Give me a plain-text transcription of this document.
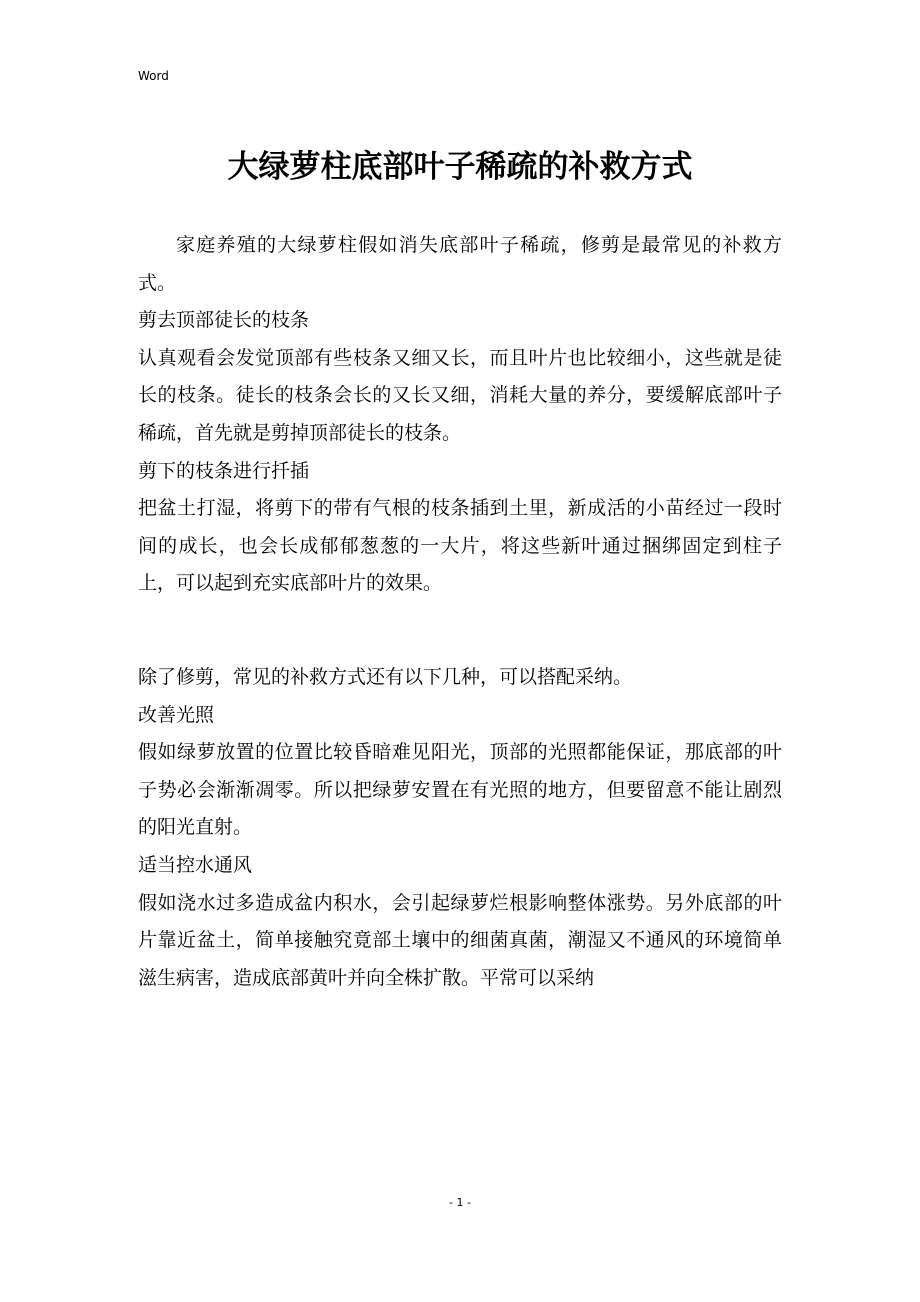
Word
大绿萝柱底部叶子稀疏的补救方式

家庭养殖的大绿萝柱假如消失底部叶子稀疏，修剪是最常见的补救方式。

剪去顶部徒长的枝条

认真观看会发觉顶部有些枝条又细又长，而且叶片也比较细小，这些就是徒长的枝条。徒长的枝条会长的又长又细，消耗大量的养分，要缓解底部叶子稀疏，首先就是剪掉顶部徒长的枝条。

剪下的枝条进行扦插

把盆土打湿，将剪下的带有气根的枝条插到土里，新成活的小苗经过一段时间的成长，也会长成郁郁葱葱的一大片，将这些新叶通过捆绑固定到柱子上，可以起到充实底部叶片的效果。

除了修剪，常见的补救方式还有以下几种，可以搭配采纳。

改善光照

假如绿萝放置的位置比较昏暗难见阳光，顶部的光照都能保证，那底部的叶子势必会渐渐凋零。所以把绿萝安置在有光照的地方，但要留意不能让剧烈的阳光直射。

适当控水通风

假如浇水过多造成盆内积水，会引起绿萝烂根影响整体涨势。另外底部的叶片靠近盆土，简单接触究竟部土壤中的细菌真菌，潮湿又不通风的环境简单滋生病害，造成底部黄叶并向全株扩散。平常可以采纳

- 1 -
